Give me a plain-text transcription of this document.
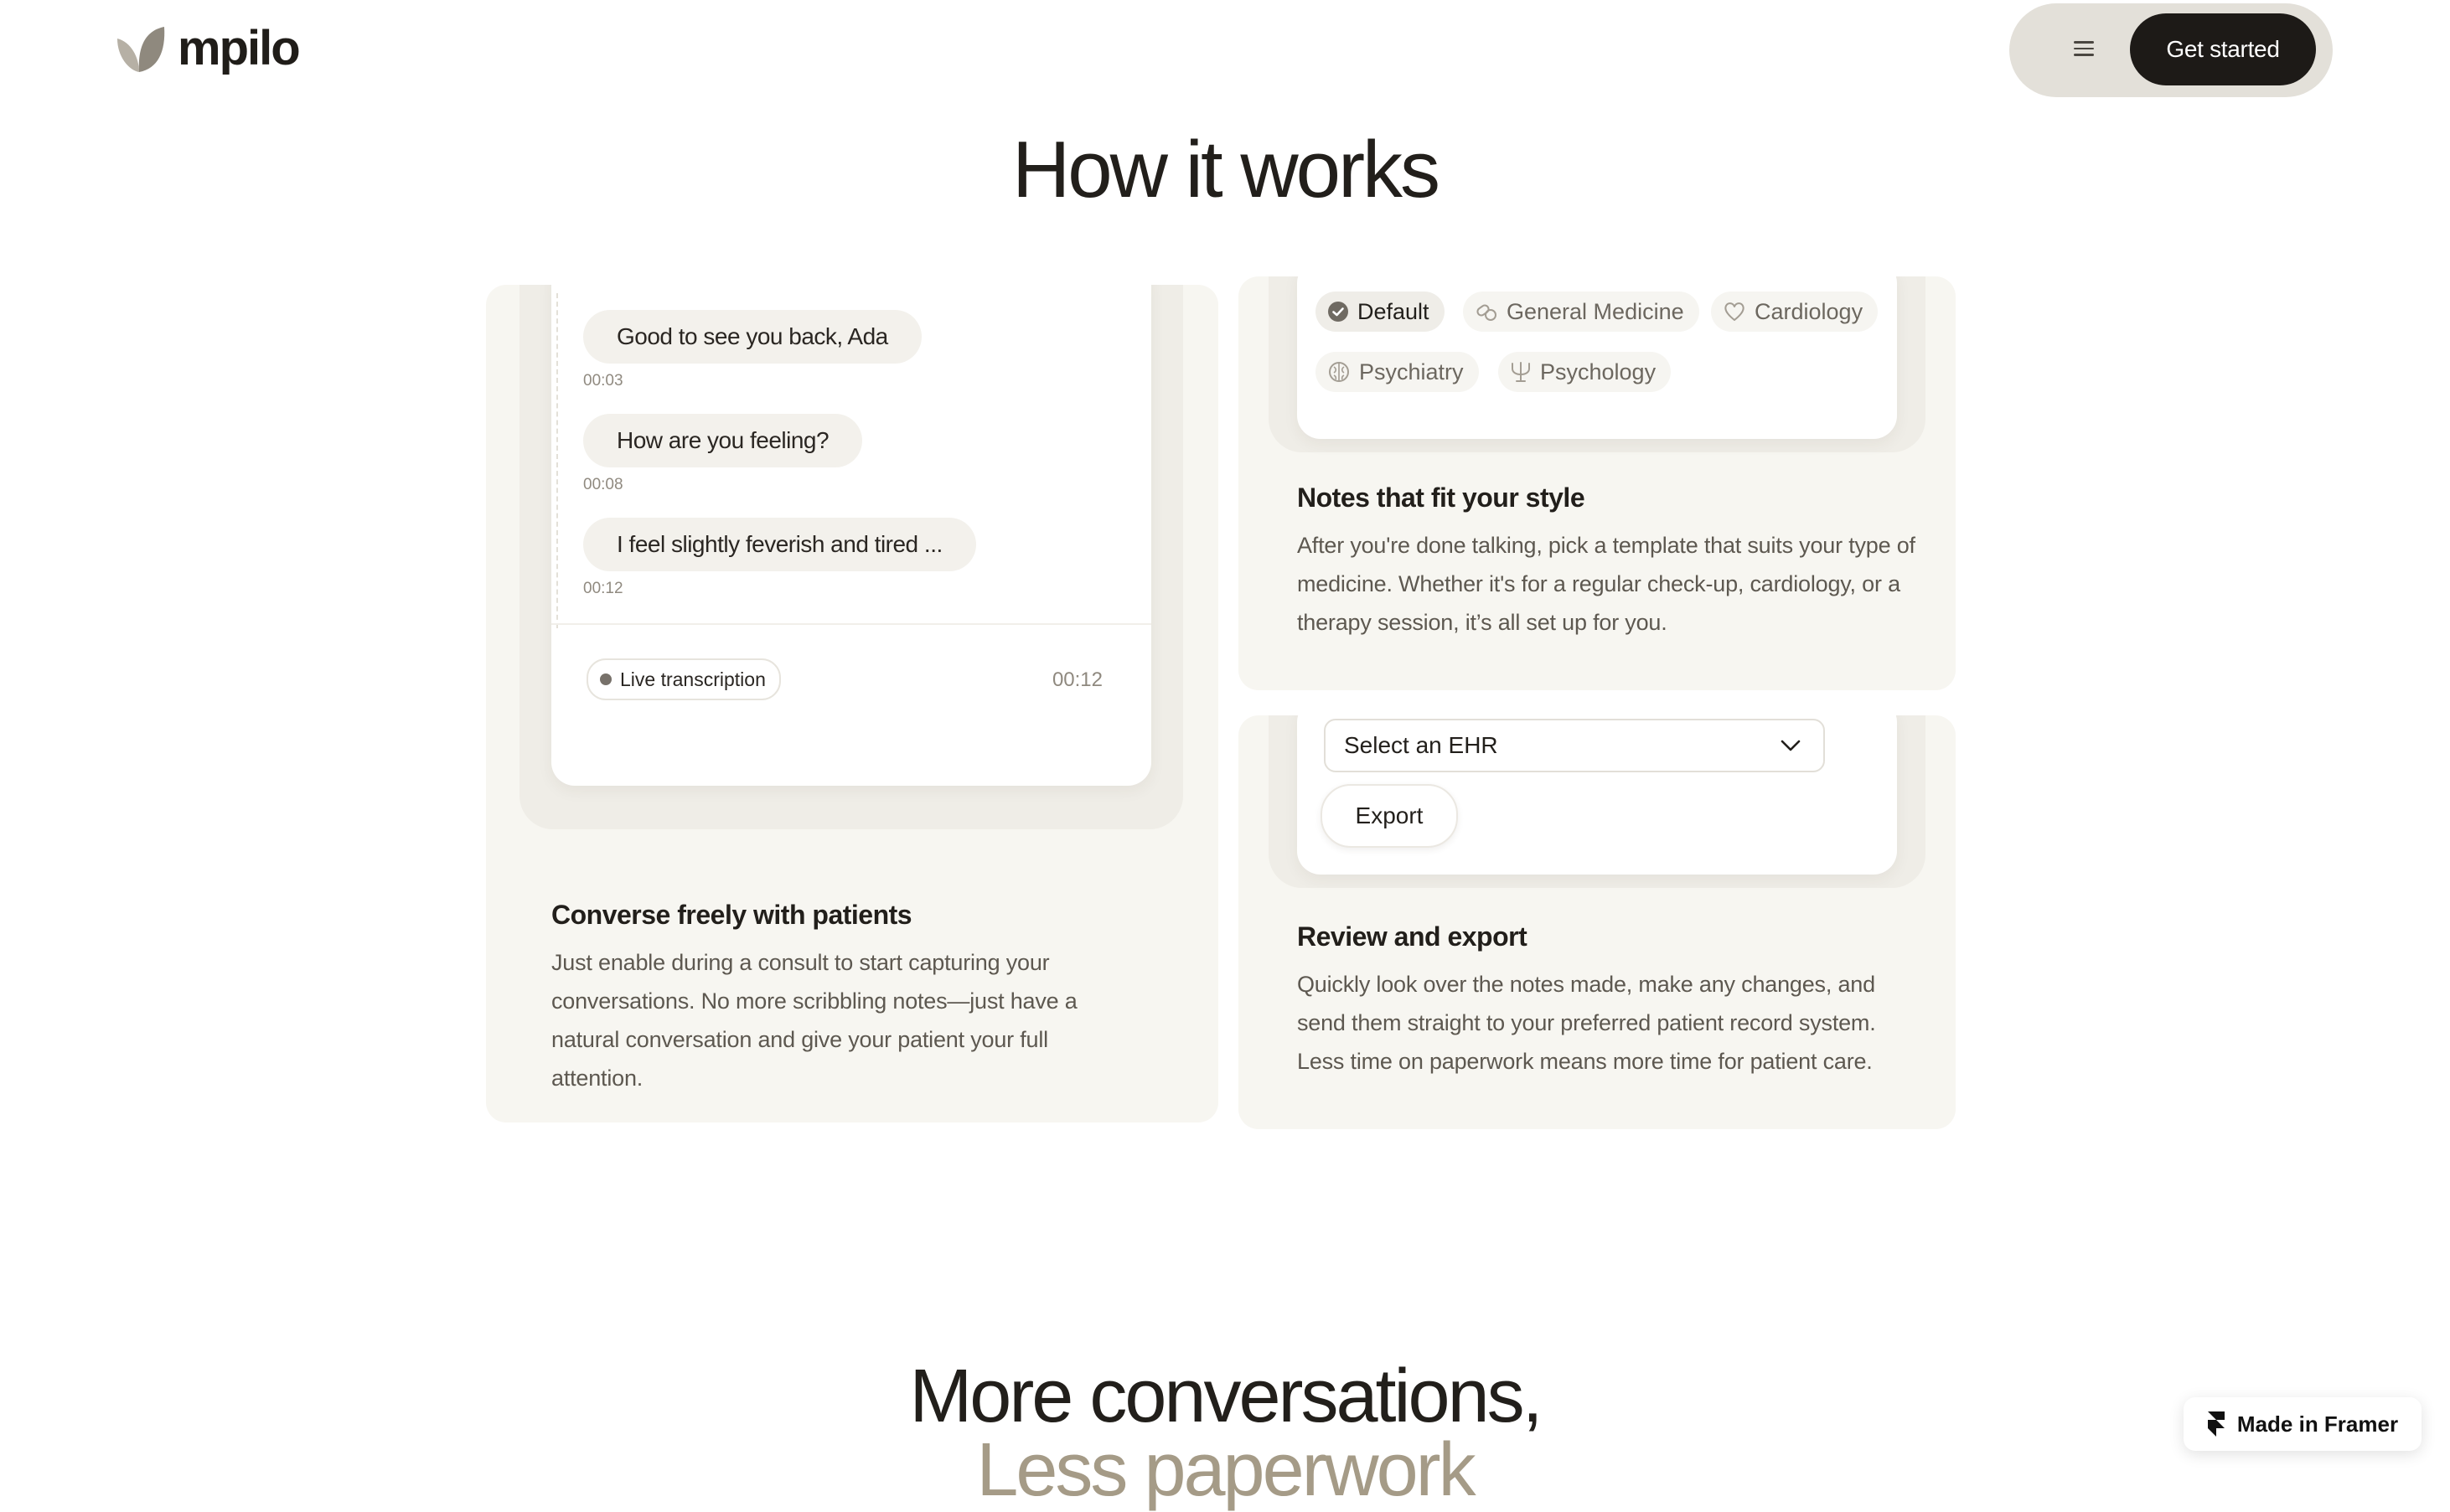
mpilo	Get started
How it works
Good to see you back, Ada
00:03
How are you feeling?
00:08
I feel slightly feverish and tired ...
00:12
Live transcription	00:12
Converse freely with patients

Just enable during a consult to start capturing your conversations. No more scribbling notes—just have a natural conversation and give your patient your full attention.

Default	General Medicine	Cardiology
Psychiatry	Psychology
Notes that fit your style

After you're done talking, pick a template that suits your type of medicine. Whether it's for a regular check-up, cardiology, or a therapy session, it’s all set up for you.

Select an EHR
Export
Review and export

Quickly look over the notes made, make any changes, and send them straight to your preferred patient record system. Less time on paperwork means more time for patient care.

More conversations,
Less paperwork
Made in Framer
